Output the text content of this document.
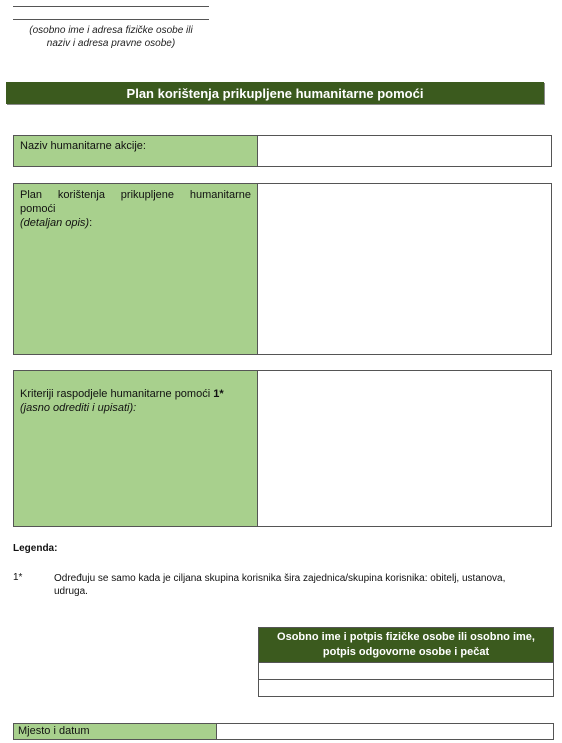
(osobno ime i adresa fizičke osobe ili
naziv i adresa pravne osobe)
Plan korištenja prikupljene humanitarne pomoći
Naziv humanitarne akcije:
Plan korištenja prikupljene humanitarne
pomoći
(detaljan opis):
Kriteriji raspodjele humanitarne pomoći 1*
(jasno odrediti i upisati):
Legenda:
1*	Određuju se samo kada je ciljana skupina korisnika šira zajednica/skupina korisnika: obitelj, ustanova, udruga.
Osobno ime i potpis fizičke osobe ili osobno ime,
potpis odgovorne osobe i pečat
Mjesto i datum
